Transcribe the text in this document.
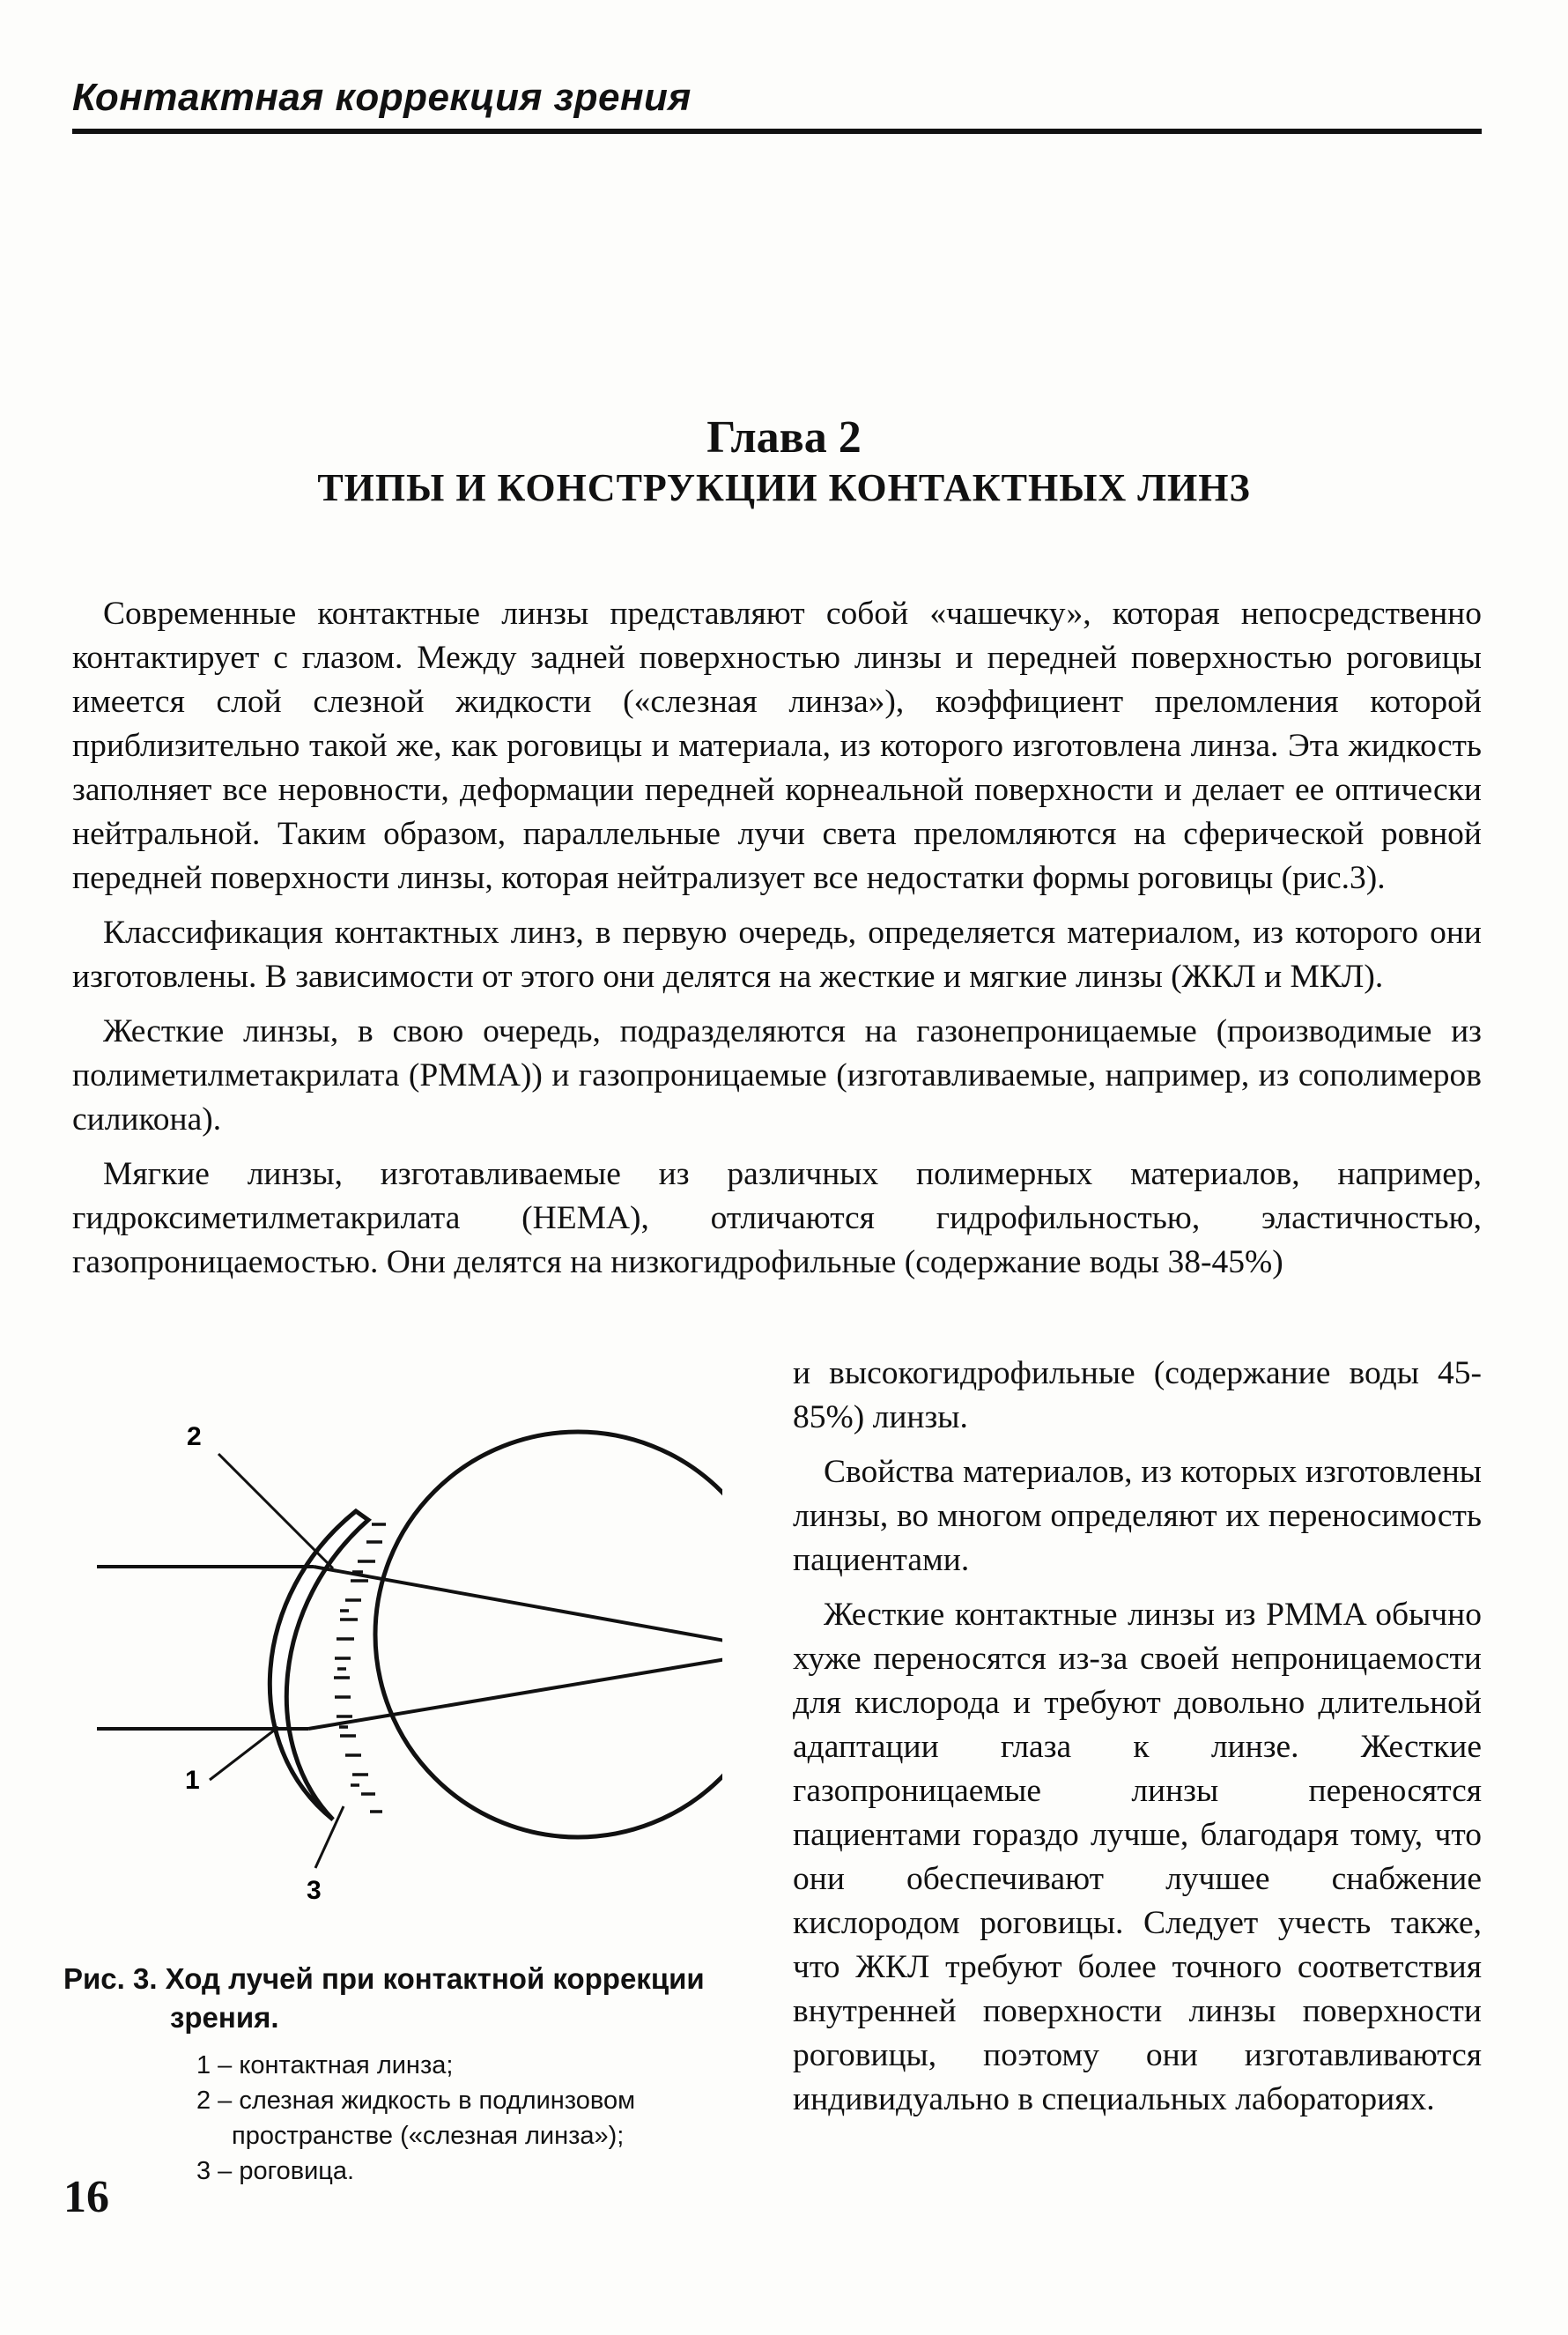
Контактная коррекция зрения
Глава 2
ТИПЫ И КОНСТРУКЦИИ КОНТАКТНЫХ ЛИНЗ

Современные контактные линзы представляют собой «чашечку», которая непосредственно контактирует с глазом. Между задней поверхностью линзы и передней поверхностью роговицы имеется слой слезной жидкости («слезная линза»), коэффициент преломления которой приблизительно такой же, как роговицы и материала, из которого изготовлена линза. Эта жидкость заполняет все неровности, деформации передней корнеальной поверхности и делает ее оптически нейтральной. Таким образом, параллельные лучи света преломляются на сферической ровной передней поверхности линзы, которая нейтрализует все недостатки формы роговицы (рис.3).

Классификация контактных линз, в первую очередь, определяется материалом, из которого они изготовлены. В зависимости от этого они делятся на жесткие и мягкие линзы (ЖКЛ и МКЛ).

Жесткие линзы, в свою очередь, подразделяются на газонепроницаемые (производимые из полиметилметакрилата (PMMA)) и газопроницаемые (изготавливаемые, например, из сополимеров силикона).

Мягкие линзы, изготавливаемые из различных полимерных материалов, например, гидроксиметилметакрилата (HEMA), отличаются гидрофильностью, эластичностью, газопроницаемостью. Они делятся на низкогидрофильные (содержание воды 38-45%)

и высокогидрофильные (содержание воды 45-85%) линзы.

Свойства материалов, из которых изготовлены линзы, во многом определяют их переносимость пациентами.

Жесткие контактные линзы из PMMA обычно хуже переносятся из-за своей непроницаемости для кислорода и требуют довольно длительной адаптации глаза к линзе. Жесткие газопроницаемые линзы переносятся пациентами гораздо лучше, благодаря тому, что они обеспечивают лучшее снабжение кислородом роговицы. Следует учесть также, что ЖКЛ требуют более точного соответствия внутренней поверхности линзы поверхности роговицы, поэтому они изготавливаются индивидуально в специальных лабораториях.

2
1
3

Рис. 3. Ход лучей при контактной коррекции
зрения.

1 – контактная линза;
2 – слезная жидкость в подлинзовом пространстве («слезная линза»);
3 – роговица.
16
